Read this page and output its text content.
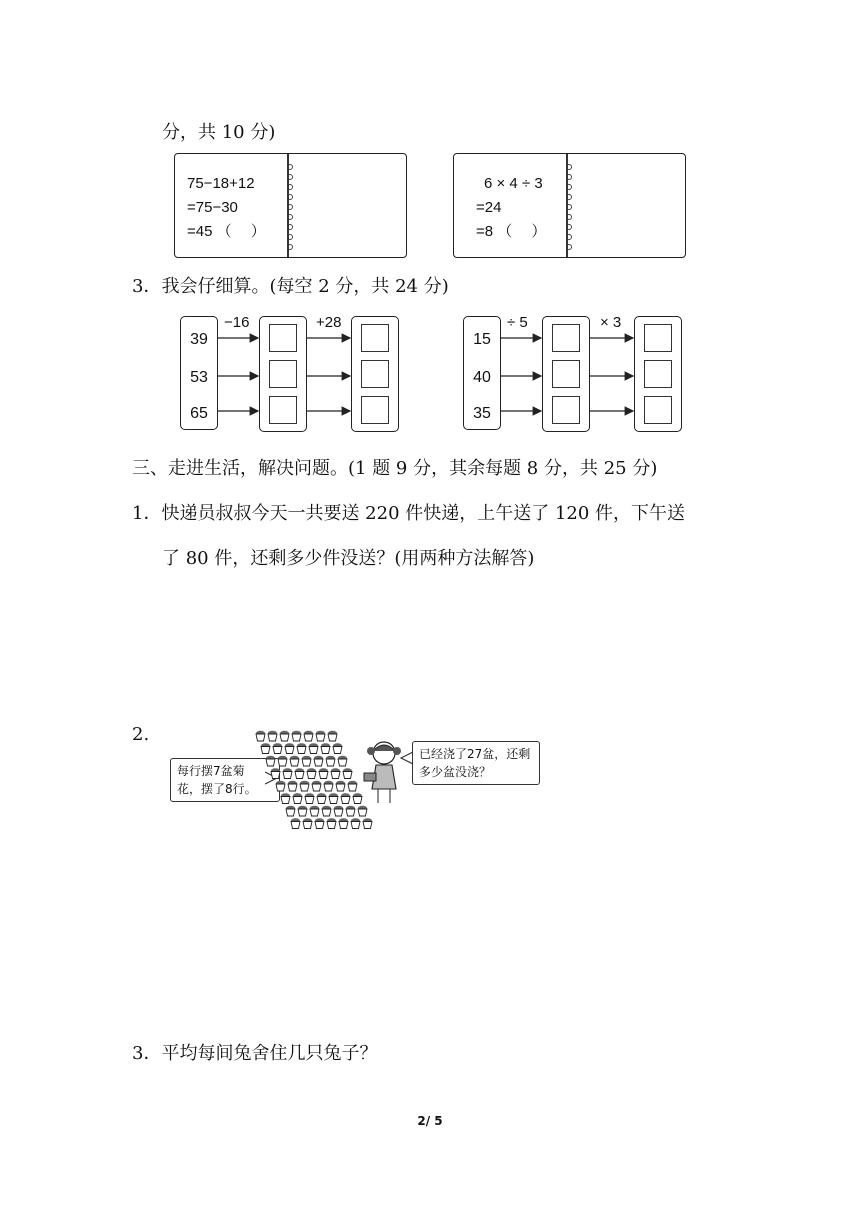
分，共 10 分)
75−18+12
=75−30
=45 （　 ）
6 × 4 ÷ 3
=24
=8 （　 ）
3．我会仔细算。(每空 2 分，共 24 分)
39
53
65
−16	+28
15
40
35
÷ 5	× 3
三、走进生活，解决问题。(1 题 9 分，其余每题 8 分，共 25 分)
1．快递员叔叔今天一共要送 220 件快递，上午送了 120 件，下午送
了 80 件，还剩多少件没送？(用两种方法解答)
2.
每行摆7盆菊
花，摆了8行。
已经浇了27盆，还剩
多少盆没浇？
3．平均每间兔舍住几只兔子？
2/ 5
